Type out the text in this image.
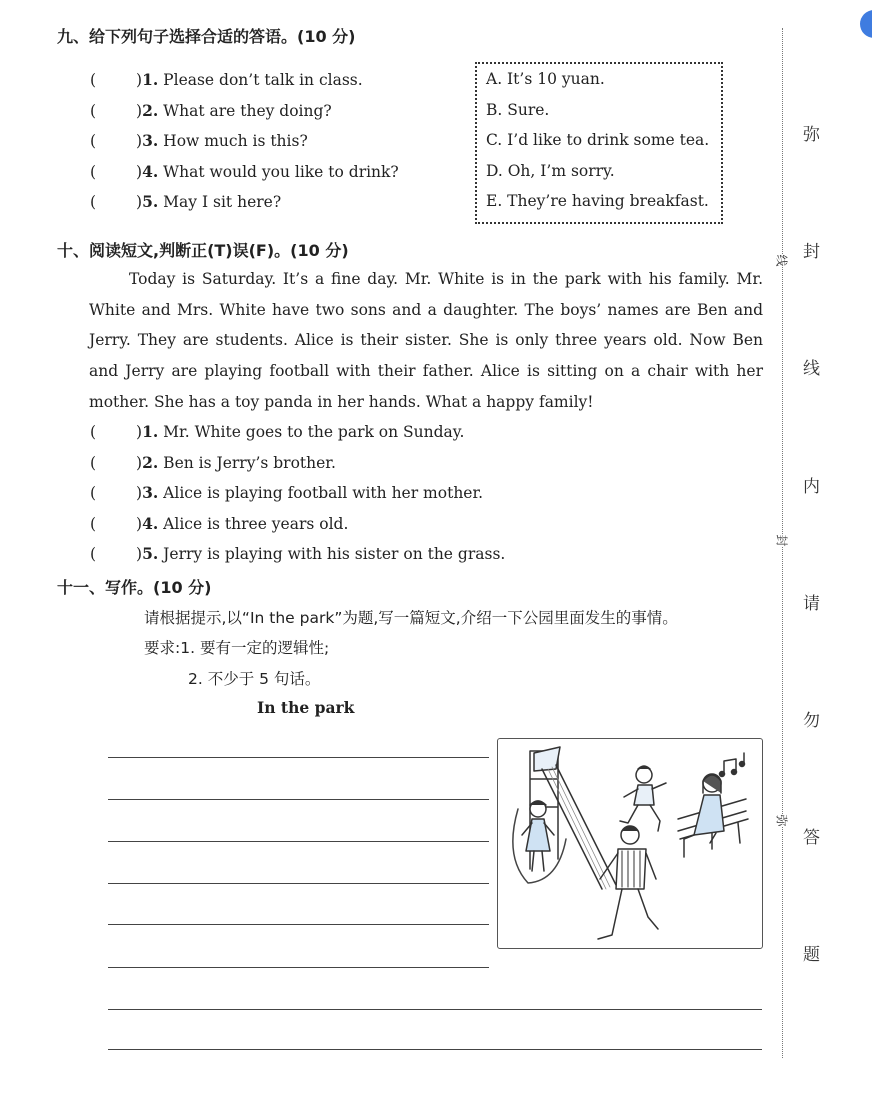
九、给下列句子选择合适的答语。(10 分)
(	)1. Please don’t talk in class.
(	)2. What are they doing?
(	)3. How much is this?
(	)4. What would you like to drink?
(	)5. May I sit here?
A. It’s 10 yuan.
B. Sure.
C. I’d like to drink some tea.
D. Oh, I’m sorry.
E. They’re having breakfast.
十、阅读短文,判断正(T)误(F)。(10 分)
Today is Saturday. It’s a fine day. Mr. White is in the park with his family. Mr. White and Mrs. White have two sons and a daughter. The boys’ names are Ben and Jerry. They are students. Alice is their sister. She is only three years old. Now Ben and Jerry are playing football with their father. Alice is sitting on a chair with her mother. She has a toy panda in her hands. What a happy family!
(	)1. Mr. White goes to the park on Sunday.
(	)2. Ben is Jerry’s brother.
(	)3. Alice is playing football with her mother.
(	)4. Alice is three years old.
(	)5. Jerry is playing with his sister on the grass.
十一、写作。(10 分)
请根据提示,以“In the park”为题,写一篇短文,介绍一下公园里面发生的事情。
要求:1. 要有一定的逻辑性;
2. 不少于 5 句话。
In the park
线
封
弥
弥
封
线
内
请
勿
答
题
